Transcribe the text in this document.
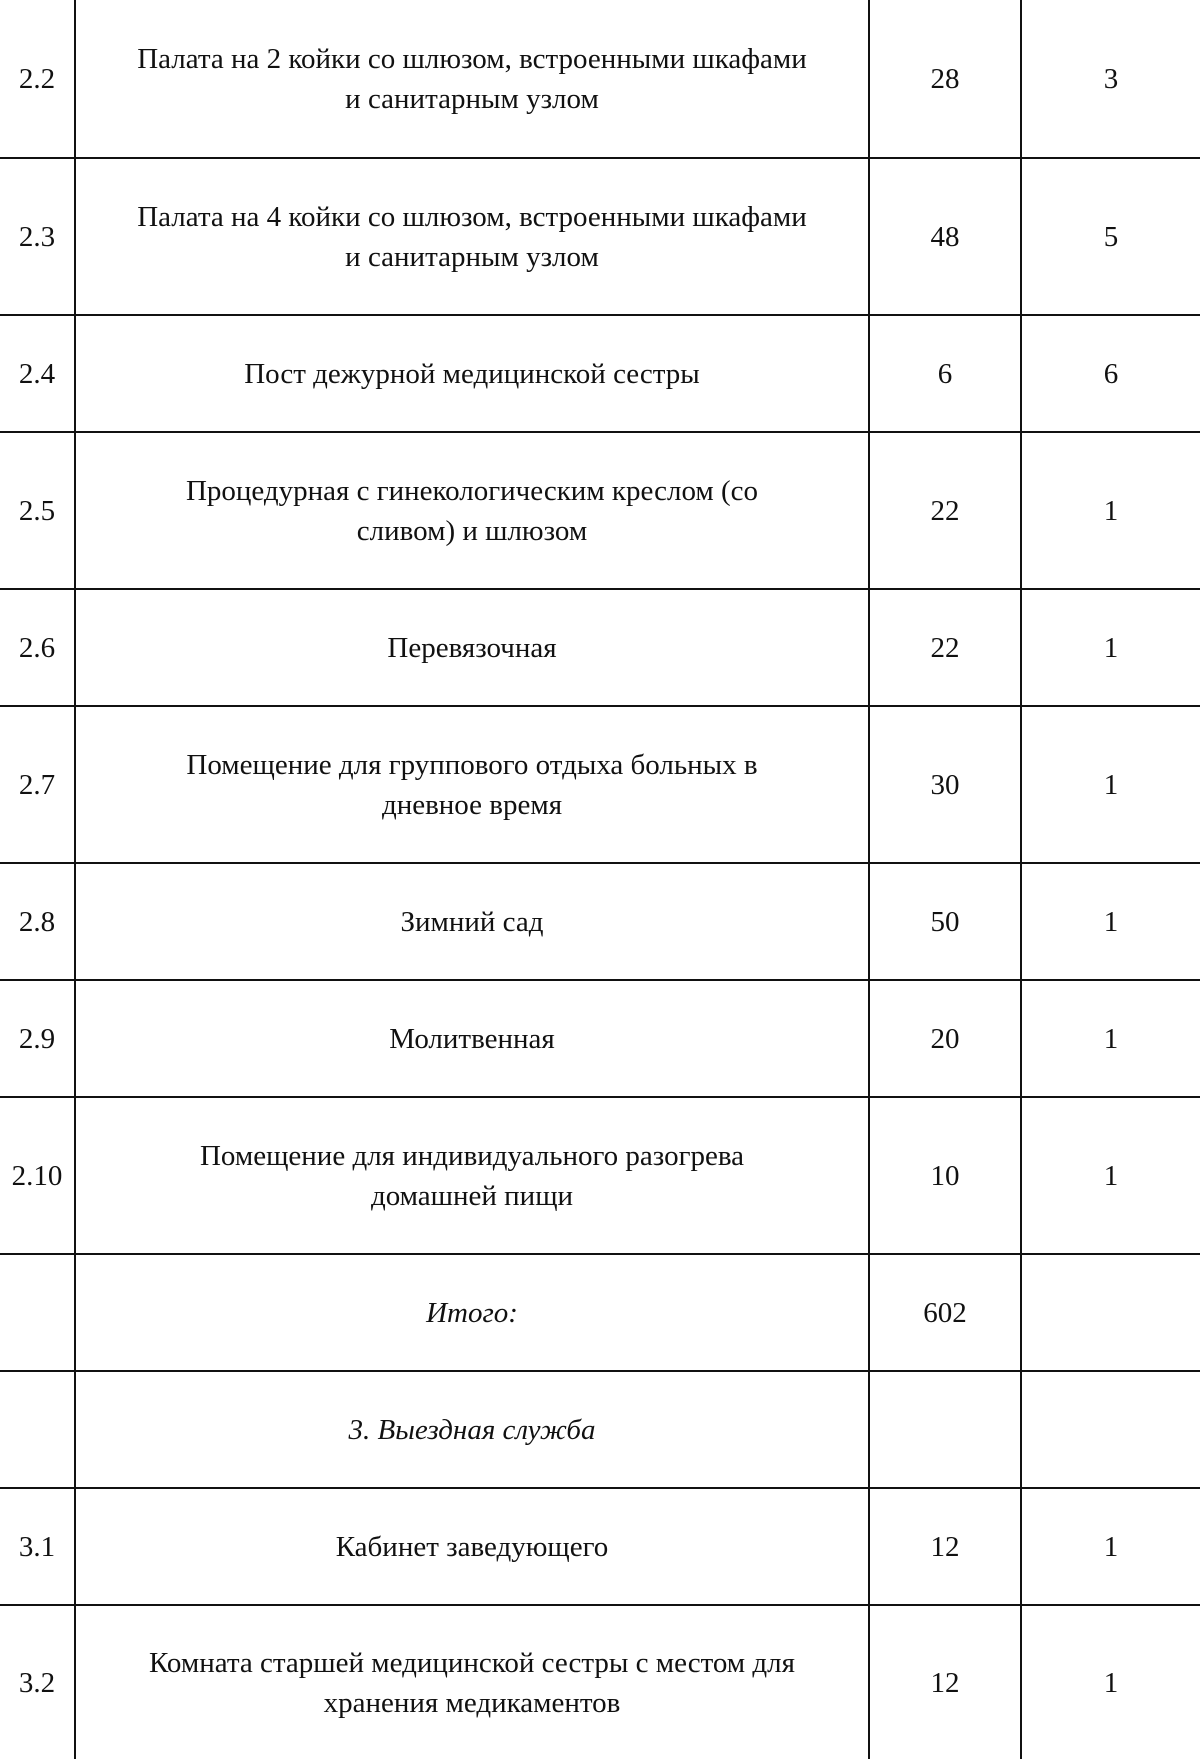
2.2	Палата на 2 койки со шлюзом, встроенными шкафами
и санитарным узлом	28	3
2.3	Палата на 4 койки со шлюзом, встроенными шкафами
и санитарным узлом	48	5
2.4	Пост дежурной медицинской сестры	6	6
2.5	Процедурная с гинекологическим креслом (со
сливом) и шлюзом	22	1
2.6	Перевязочная	22	1
2.7	Помещение для группового отдыха больных в
дневное время	30	1
2.8	Зимний сад	50	1
2.9	Молитвенная	20	1
2.10	Помещение для индивидуального разогрева
домашней пищи	10	1

	Итого:	602	

	3. Выездная служба		

3.1	Кабинет заведующего	12	1
3.2	Комната старшей медицинской сестры с местом для
хранения медикаментов	12	1
